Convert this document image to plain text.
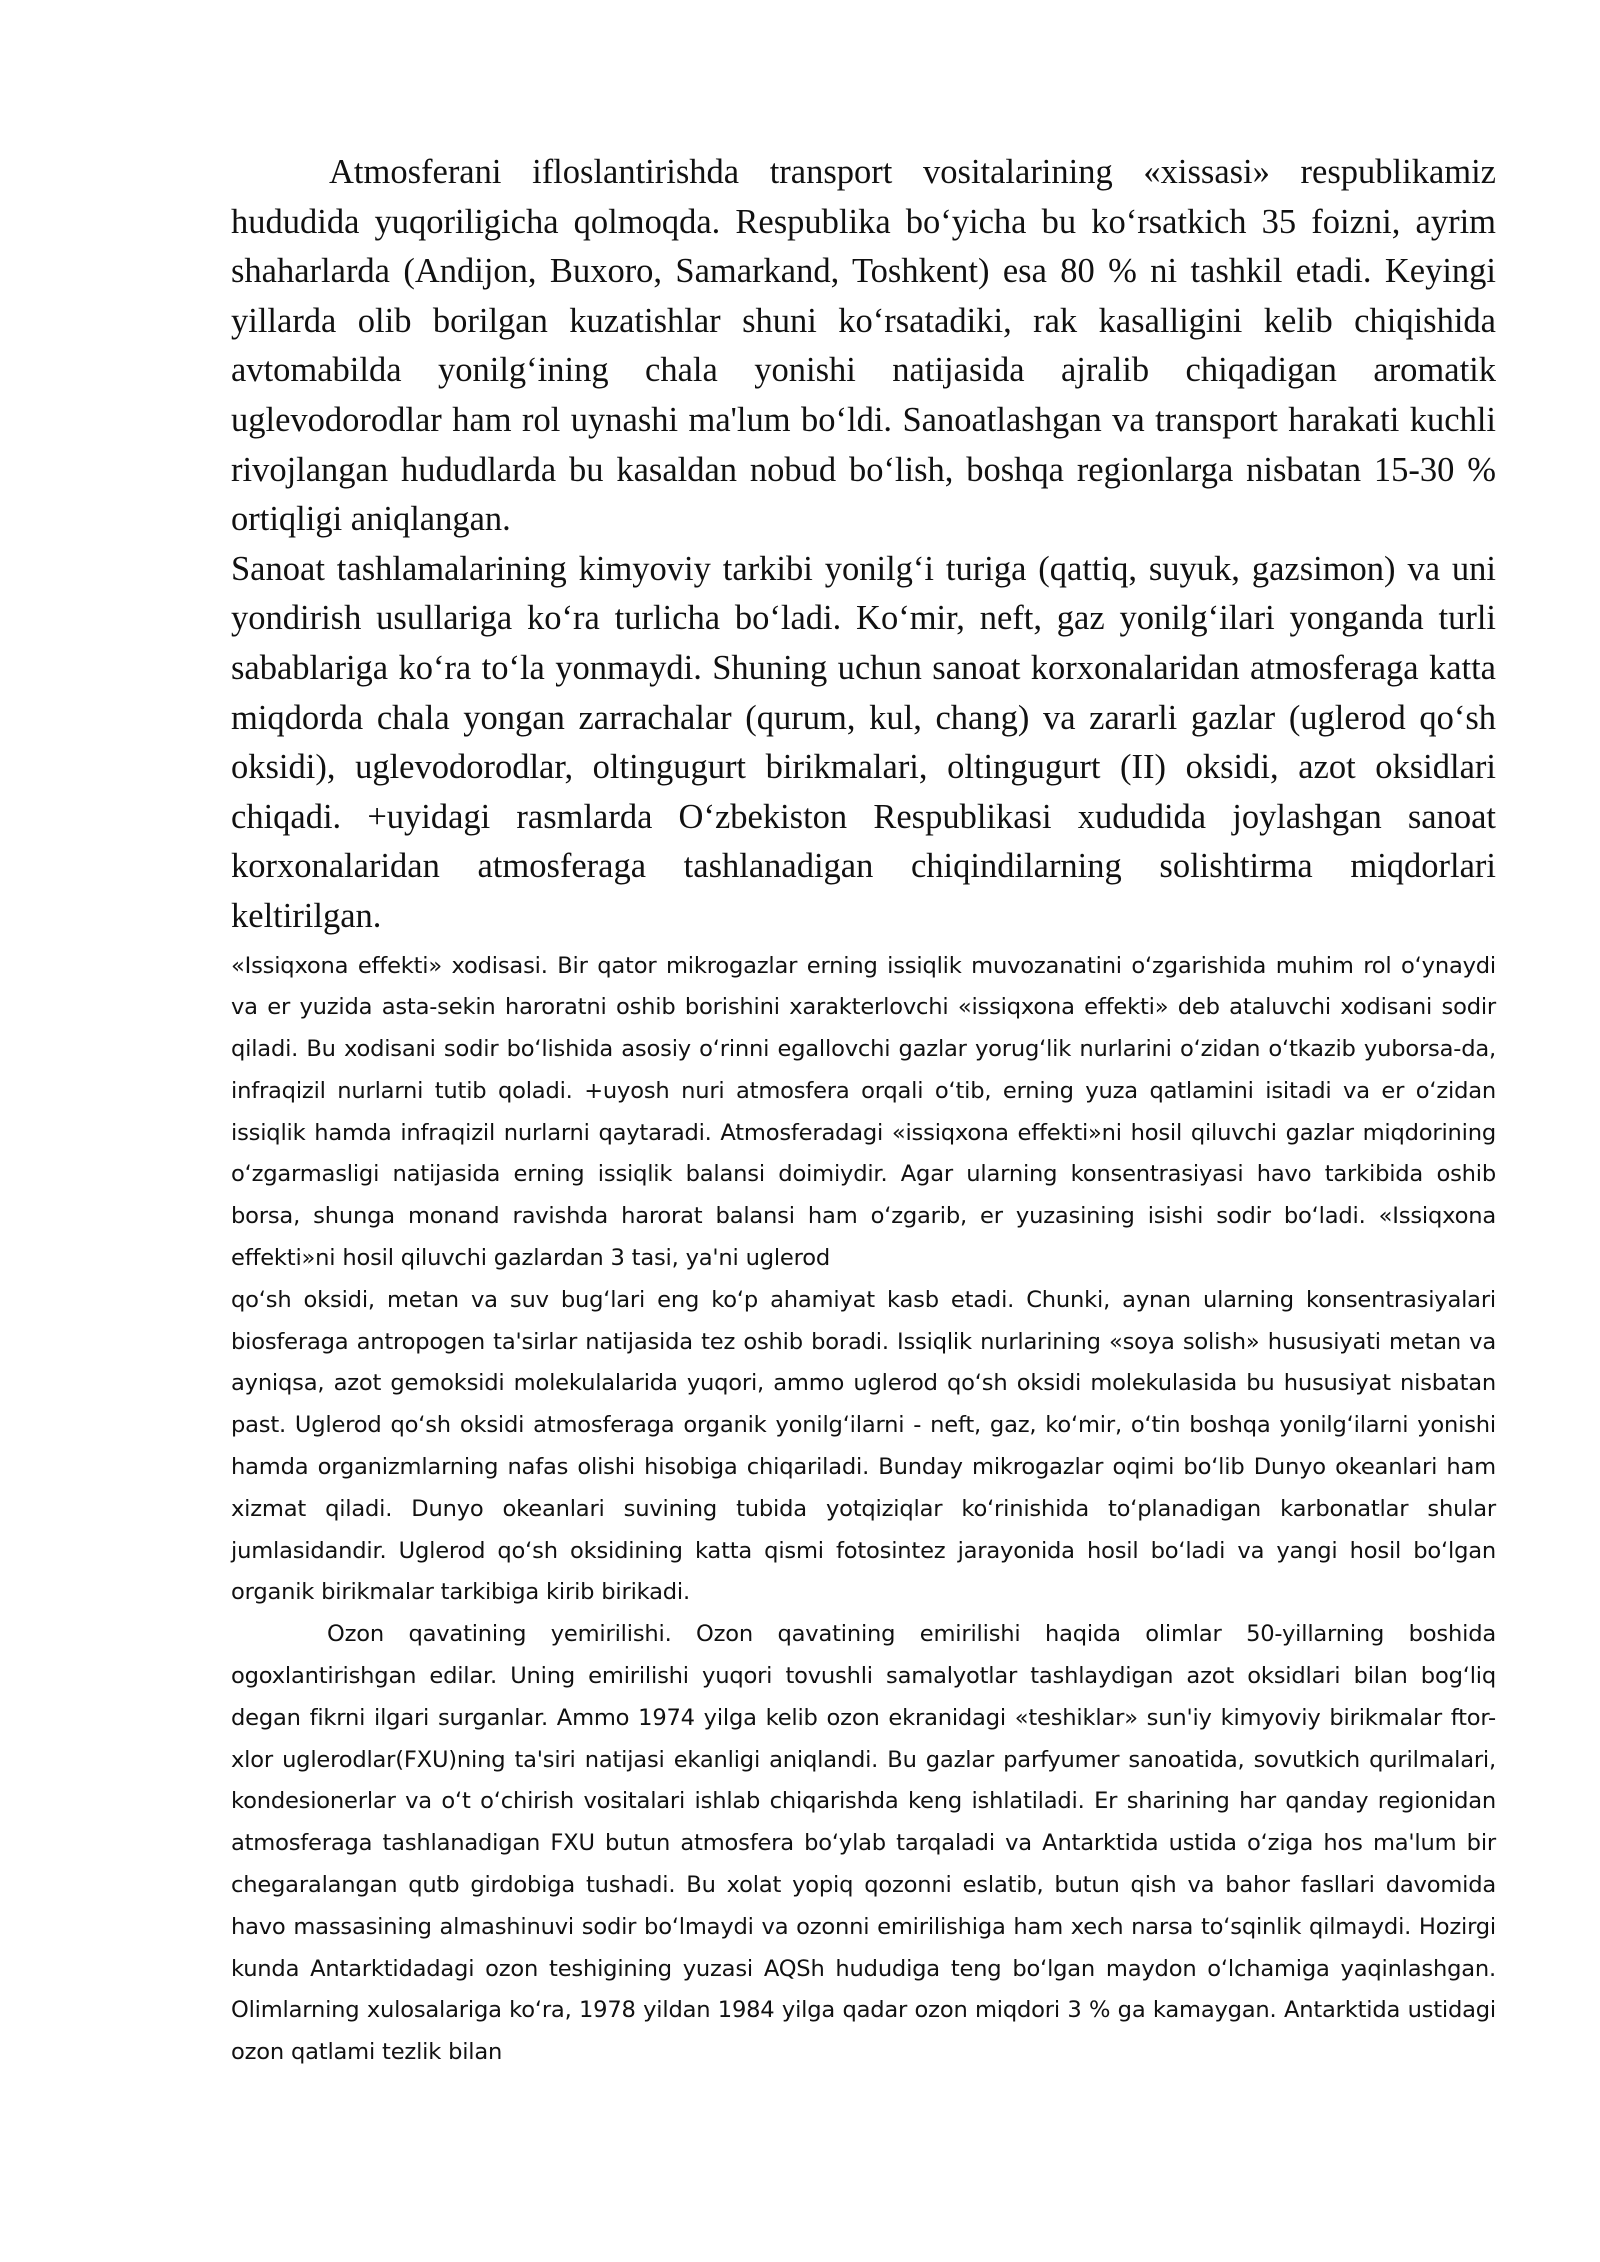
Atmosferani ifloslantirishda transport vositalarining «xissasi» respublikamiz hududida yuqoriligicha qolmoqda. Respublika bo‘yicha bu ko‘rsatkich 35 foizni, ayrim shaharlarda (Andijon, Buxoro, Samarkand, Toshkent) esa 80 % ni tashkil etadi. Keyingi yillarda olib borilgan kuzatishlar shuni ko‘rsatadiki, rak kasalligini kelib chiqishida avtomabilda yonilg‘ining chala yonishi natijasida ajralib chiqadigan aromatik uglevodorodlar ham rol uynashi ma'lum bo‘ldi. Sanoatlashgan va transport harakati kuchli rivojlangan hududlarda bu kasaldan nobud bo‘lish, boshqa regionlarga nisbatan 15-30 % ortiqligi aniqlangan.

Sanoat tashlamalarining kimyoviy tarkibi yonilg‘i turiga (qattiq, suyuk, gazsimon) va uni yondirish usullariga ko‘ra turlicha bo‘ladi. Ko‘mir, neft, gaz yonilg‘ilari yonganda turli sabablariga ko‘ra to‘la yonmaydi. Shuning uchun sanoat korxonalaridan atmosferaga katta miqdorda chala yongan zarrachalar (qurum, kul, chang) va zararli gazlar (uglerod qo‘sh oksidi), uglevodorodlar, oltingugurt birikmalari, oltingugurt (II) oksidi, azot oksidlari chiqadi. +uyidagi rasmlarda O‘zbekiston Respublikasi xududida joylashgan sanoat korxonalaridan atmosferaga tashlanadigan chiqindilarning solishtirma miqdorlari keltirilgan.

«Issiqxona effekti» xodisasi. Bir qator mikrogazlar erning issiqlik muvozanatini o‘zgarishida muhim rol o‘ynaydi va er yuzida asta-sekin haroratni oshib borishini xarakterlovchi «issiqxona effekti» deb ataluvchi xodisani sodir qiladi. Bu xodisani sodir bo‘lishida asosiy o‘rinni egallovchi gazlar yorug‘lik nurlarini o‘zidan o‘tkazib yuborsa-da, infraqizil nurlarni tutib qoladi. +uyosh nuri atmosfera orqali o‘tib, erning yuza qatlamini isitadi va er o‘zidan issiqlik hamda infraqizil nurlarni qaytaradi. Atmosferadagi «issiqxona effekti»ni hosil qiluvchi gazlar miqdorining o‘zgarmasligi natijasida erning issiqlik balansi doimiydir. Agar ularning konsentrasiyasi havo tarkibida oshib borsa, shunga monand ravishda harorat balansi ham o‘zgarib, er yuzasining isishi sodir bo‘ladi. «Issiqxona effekti»ni hosil qiluvchi gazlardan 3 tasi, ya'ni uglerod

qo‘sh oksidi, metan va suv bug‘lari eng ko‘p ahamiyat kasb etadi. Chunki, aynan ularning konsentrasiyalari biosferaga antropogen ta'sirlar natijasida tez oshib boradi. Issiqlik nurlarining «soya solish» hususiyati metan va ayniqsa, azot gemoksidi molekulalarida yuqori, ammo uglerod qo‘sh oksidi molekulasida bu hususiyat nisbatan past. Uglerod qo‘sh oksidi atmosferaga organik yonilg‘ilarni - neft, gaz, ko‘mir, o‘tin boshqa yonilg‘ilarni yonishi hamda organizmlarning nafas olishi hisobiga chiqariladi. Bunday mikrogazlar oqimi bo‘lib Dunyo okeanlari ham xizmat qiladi. Dunyo okeanlari suvining tubida yotqiziqlar ko‘rinishida to‘planadigan karbonatlar shular jumlasidandir. Uglerod qo‘sh oksidining katta qismi fotosintez jarayonida hosil bo‘ladi va yangi hosil bo‘lgan organik birikmalar tarkibiga kirib birikadi.

Ozon qavatining yemirilishi. Ozon qavatining emirilishi haqida olimlar 50-yillarning boshida ogoxlantirishgan edilar. Uning emirilishi yuqori tovushli samalyotlar tashlaydigan azot oksidlari bilan bog‘liq degan fikrni ilgari surganlar. Ammo 1974 yilga kelib ozon ekranidagi «teshiklar» sun'iy kimyoviy birikmalar ftor-xlor uglerodlar(FXU)ning ta'siri natijasi ekanligi aniqlandi. Bu gazlar parfyumer sanoatida, sovutkich qurilmalari, kondesionerlar va o‘t o‘chirish vositalari ishlab chiqarishda keng ishlatiladi. Er sharining har qanday regionidan atmosferaga tashlanadigan FXU butun atmosfera bo‘ylab tarqaladi va Antarktida ustida o‘ziga hos ma'lum bir chegaralangan qutb girdobiga tushadi. Bu xolat yopiq qozonni eslatib, butun qish va bahor fasllari davomida havo massasining almashinuvi sodir bo‘lmaydi va ozonni emirilishiga ham xech narsa to‘sqinlik qilmaydi. Hozirgi kunda Antarktidadagi ozon teshigining yuzasi AQSh hududiga teng bo‘lgan maydon o‘lchamiga yaqinlashgan. Olimlarning xulosalariga ko‘ra, 1978 yildan 1984 yilga qadar ozon miqdori 3 % ga kamaygan. Antarktida ustidagi ozon qatlami tezlik bilan
